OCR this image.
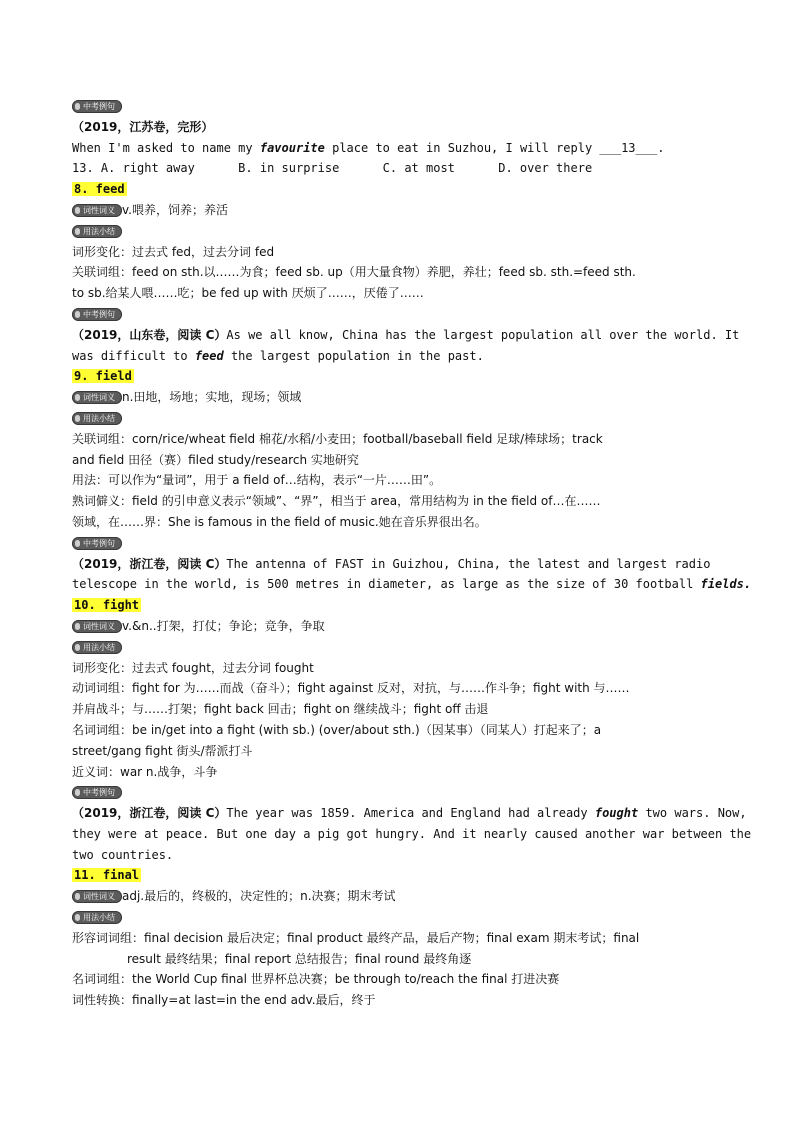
中考例句
（2019，江苏卷，完形）
When I'm asked to name my favourite place to eat in Suzhou, I will reply ___13___.
13. A. right away      B. in surprise      C. at most      D. over there
8. feed
词性词义 v.喂养，饲养；养活
用法小结
词形变化：过去式 fed，过去分词 fed
关联词组：feed on sth.以……为食；feed sb. up（用大量食物）养肥，养壮；feed sb. sth.=feed sth.
to sb.给某人喂……吃；be fed up with 厌烦了……，厌倦了……
中考例句
（2019，山东卷，阅读 C）As we all know, China has the largest population all over the world. It
was difficult to feed the largest population in the past.
9. field
词性词义 n.田地，场地；实地，现场；领域
用法小结
关联词组：corn/rice/wheat field 棉花/水稻/小麦田；football/baseball field 足球/棒球场；track
and field 田径（赛）filed study/research 实地研究
用法：可以作为“量词”，用于 a field of…结构，表示“一片……田”。
熟词僻义：field 的引申意义表示“领域”、“界”，相当于 area，常用结构为 in the field of…在……
领域，在……界：She is famous in the field of music.她在音乐界很出名。
中考例句
（2019，浙江卷，阅读 C）The antenna of FAST in Guizhou, China, the latest and largest radio
telescope in the world, is 500 metres in diameter, as large as the size of 30 football fields.
10. fight
词性词义 v.&n..打架，打仗；争论；竞争，争取
用法小结
词形变化：过去式 fought，过去分词 fought
动词词组：fight for 为……而战（奋斗）；fight against 反对，对抗，与……作斗争；fight with 与……
并肩战斗；与……打架；fight back 回击；fight on 继续战斗；fight off 击退
名词词组：be in/get into a fight (with sb.) (over/about sth.)（因某事）（同某人）打起来了；a
street/gang fight 街头/帮派打斗
近义词：war n.战争，斗争
中考例句
（2019，浙江卷，阅读 C）The year was 1859. America and England had already fought two wars. Now,
they were at peace. But one day a pig got hungry. And it nearly caused another war between the
two countries.
11. final
词性词义 adj.最后的，终极的，决定性的；n.决赛；期末考试
用法小结
形容词词组：final decision 最后决定；final product 最终产品，最后产物；final exam 期末考试；final
result 最终结果；final report 总结报告；final round 最终角逐
名词词组：the World Cup final 世界杯总决赛；be through to/reach the final 打进决赛
词性转换：finally=at last=in the end adv.最后，终于
